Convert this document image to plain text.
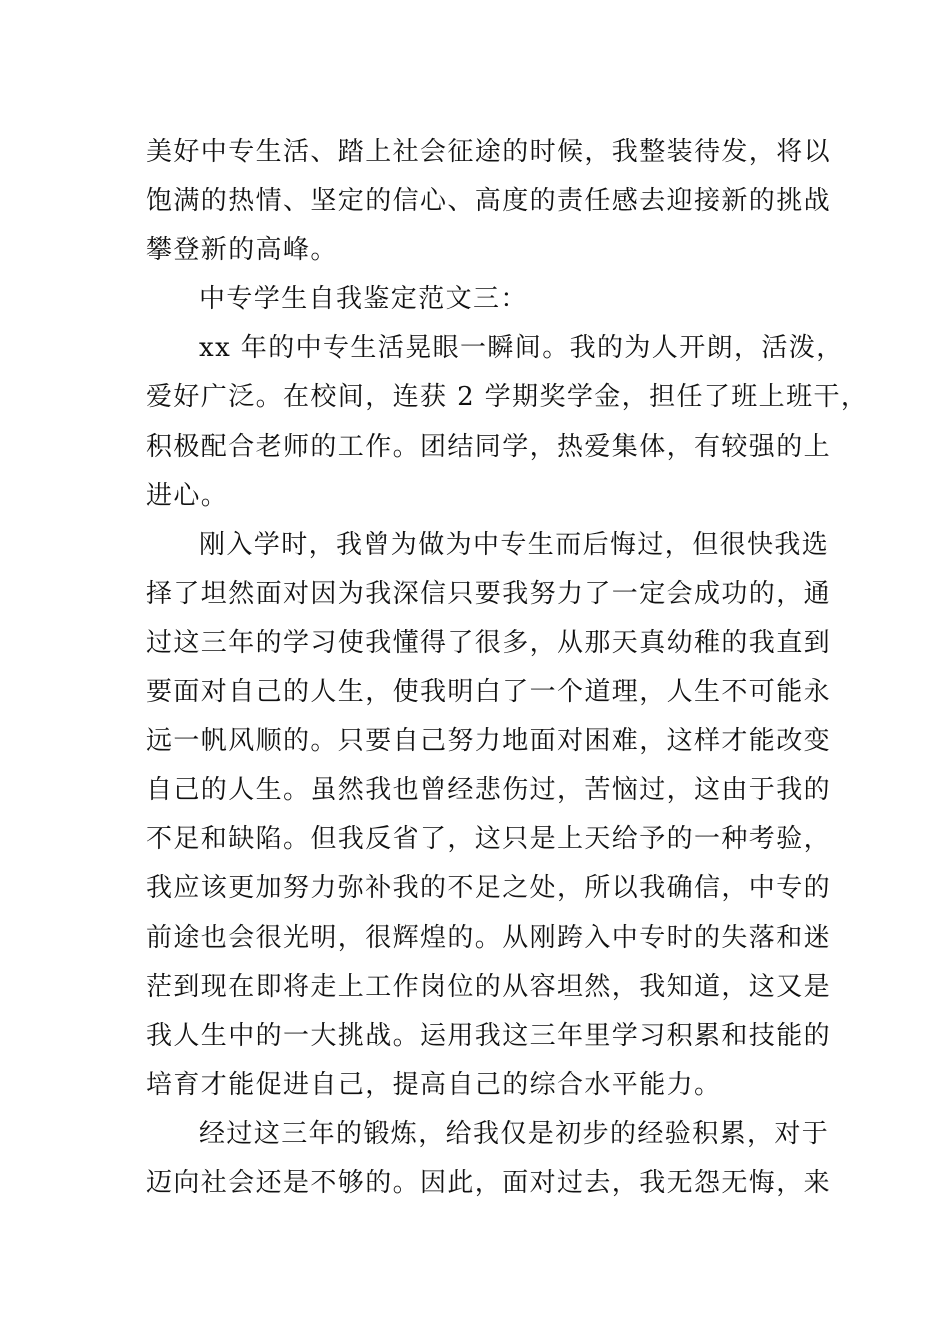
美好中专生活、踏上社会征途的时候，我整装待发，将以
饱满的热情、坚定的信心、高度的责任感去迎接新的挑战
攀登新的高峰。
中专学生自我鉴定范文三：
xx 年的中专生活晃眼一瞬间。我的为人开朗，活泼，
爱好广泛。在校间，连获 2 学期奖学金，担任了班上班干，
积极配合老师的工作。团结同学，热爱集体，有较强的上
进心。
刚入学时，我曾为做为中专生而后悔过，但很快我选
择了坦然面对因为我深信只要我努力了一定会成功的，通
过这三年的学习使我懂得了很多，从那天真幼稚的我直到
要面对自己的人生，使我明白了一个道理，人生不可能永
远一帆风顺的。只要自己努力地面对困难，这样才能改变
自己的人生。虽然我也曾经悲伤过，苦恼过，这由于我的
不足和缺陷。但我反省了，这只是上天给予的一种考验，
我应该更加努力弥补我的不足之处，所以我确信，中专的
前途也会很光明，很辉煌的。从刚跨入中专时的失落和迷
茫到现在即将走上工作岗位的从容坦然，我知道，这又是
我人生中的一大挑战。运用我这三年里学习积累和技能的
培育才能促进自己，提高自己的综合水平能力。
经过这三年的锻炼，给我仅是初步的经验积累，对于
迈向社会还是不够的。因此，面对过去，我无怨无悔，来
